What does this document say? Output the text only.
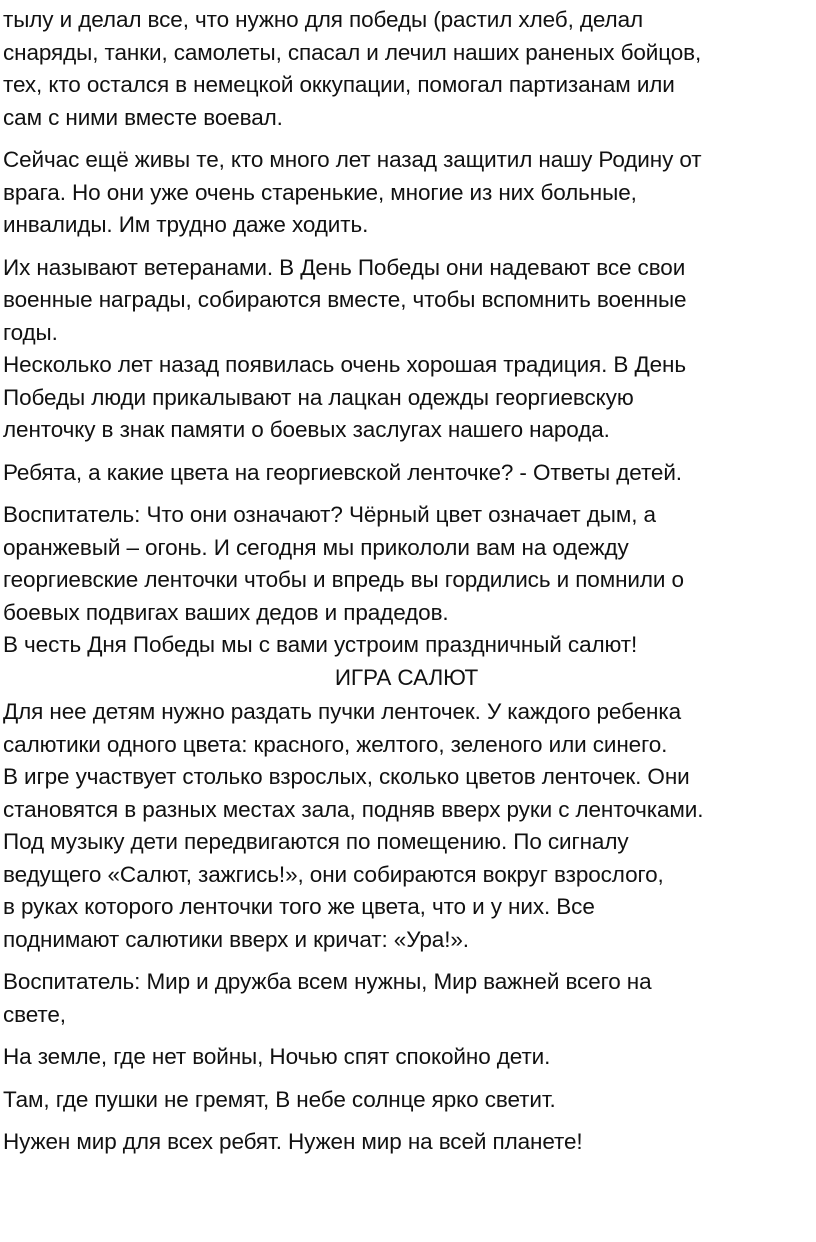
тылу и делал все, что нужно для победы (растил хлеб, делал
снаряды, танки, самолеты, спасал и лечил наших раненых бойцов,
тех, кто остался в немецкой оккупации, помогал партизанам или
сам с ними вместе воевал.
Сейчас ещё живы те, кто много лет назад защитил нашу Родину от
врага. Но они уже очень старенькие, многие из них больные,
инвалиды. Им трудно даже ходить.
Их называют ветеранами. В День Победы они надевают все свои
военные награды, собираются вместе, чтобы вспомнить военные
годы.
Несколько лет назад появилась очень хорошая традиция. В День
Победы люди прикалывают на лацкан одежды георгиевскую
ленточку в знак памяти о боевых заслугах нашего народа.
Ребята, а какие цвета на георгиевской ленточке? - Ответы детей.
Воспитатель: Что они означают? Чёрный цвет означает дым, а
оранжевый – огонь. И сегодня мы прикололи вам на одежду
георгиевские ленточки чтобы и впредь вы гордились и помнили о
боевых подвигах ваших дедов и прадедов.
В честь Дня Победы мы с вами устроим праздничный салют!
ИГРА САЛЮТ
Для нее детям нужно раздать пучки ленточек. У каждого ребенка
салютики одного цвета: красного, желтого, зеленого или синего.
В игре участвует столько взрослых, сколько цветов ленточек. Они
становятся в разных местах зала, подняв вверх руки с ленточками.
Под музыку дети передвигаются по помещению. По сигналу
ведущего «Салют, зажгись!», они собираются вокруг взрослого,
в руках которого ленточки того же цвета, что и у них. Все
поднимают салютики вверх и кричат: «Ура!».
Воспитатель: Мир и дружба всем нужны, Мир важней всего на
свете,
На земле, где нет войны, Ночью спят спокойно дети.
Там, где пушки не гремят, В небе солнце ярко светит.
Нужен мир для всех ребят. Нужен мир на всей планете!
